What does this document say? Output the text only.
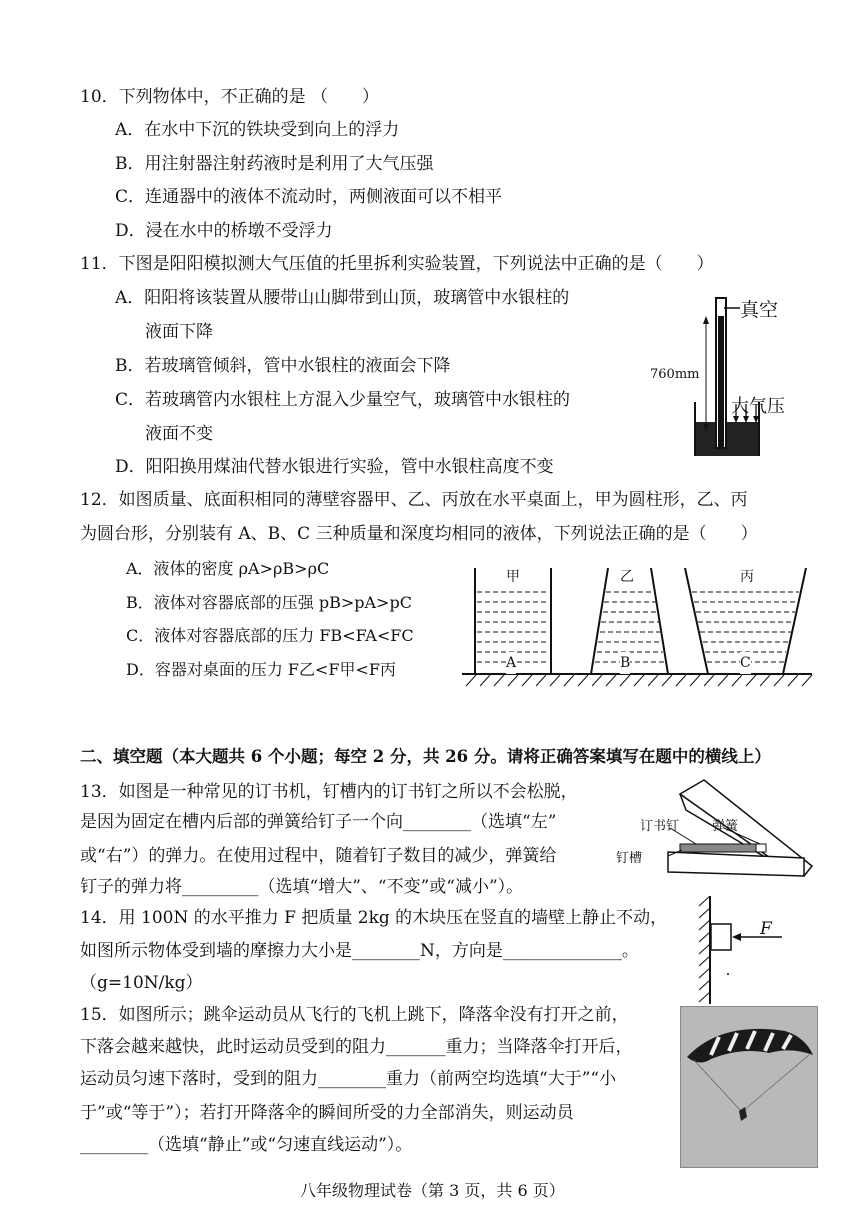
10．下列物体中，不正确的是 （　　）
A．在水中下沉的铁块受到向上的浮力
B．用注射器注射药液时是利用了大气压强
C．连通器中的液体不流动时，两侧液面可以不相平
D．浸在水中的桥墩不受浮力
11．下图是阳阳模拟测大气压值的托里拆利实验装置，下列说法中正确的是（　　）
A．阳阳将该装置从腰带山山脚带到山顶，玻璃管中水银柱的
液面下降
B．若玻璃管倾斜，管中水银柱的液面会下降
C．若玻璃管内水银柱上方混入少量空气，玻璃管中水银柱的
液面不变
D．阳阳换用煤油代替水银进行实验，管中水银柱高度不变
真空
760mm
大气压
12．如图质量、底面积相同的薄壁容器甲、乙、丙放在水平桌面上，甲为圆柱形，乙、丙
为圆台形，分别装有 A、B、C 三种质量和深度均相同的液体，下列说法正确的是（　　）
A．液体的密度 ρA>ρB>ρC
B．液体对容器底部的压强 pB>pA>pC
C．液体对容器底部的压力 FB<FA<FC
D．容器对桌面的压力 F乙<F甲<F丙
甲	乙	丙
A	B	C
二、填空题（本大题共 6 个小题；每空 2 分，共 26 分。请将正确答案填写在题中的横线上）
13．如图是一种常见的订书机，钉槽内的订书钉之所以不会松脱，
是因为固定在槽内后部的弹簧给钉子一个向________（选填“左”
或“右”）的弹力。在使用过程中，随着钉子数目的减少，弹簧给
钉子的弹力将_________（选填“增大”、“不变”或“减小”）。
订书钉	弹簧
钉槽
14．用 100N 的水平推力 F 把质量 2kg 的木块压在竖直的墙壁上静止不动，
如图所示物体受到墙的摩擦力大小是________N，方向是______________。
（g=10N/kg）
F
15．如图所示；跳伞运动员从飞行的飞机上跳下，降落伞没有打开之前，
下落会越来越快，此时运动员受到的阻力_______重力；当降落伞打开后，
运动员匀速下落时，受到的阻力________重力（前两空均选填“大于”“小
于”或“等于”）；若打开降落伞的瞬间所受的力全部消失，则运动员
________（选填“静止”或“匀速直线运动”）。
八年级物理试卷（第 3 页，共 6 页）
